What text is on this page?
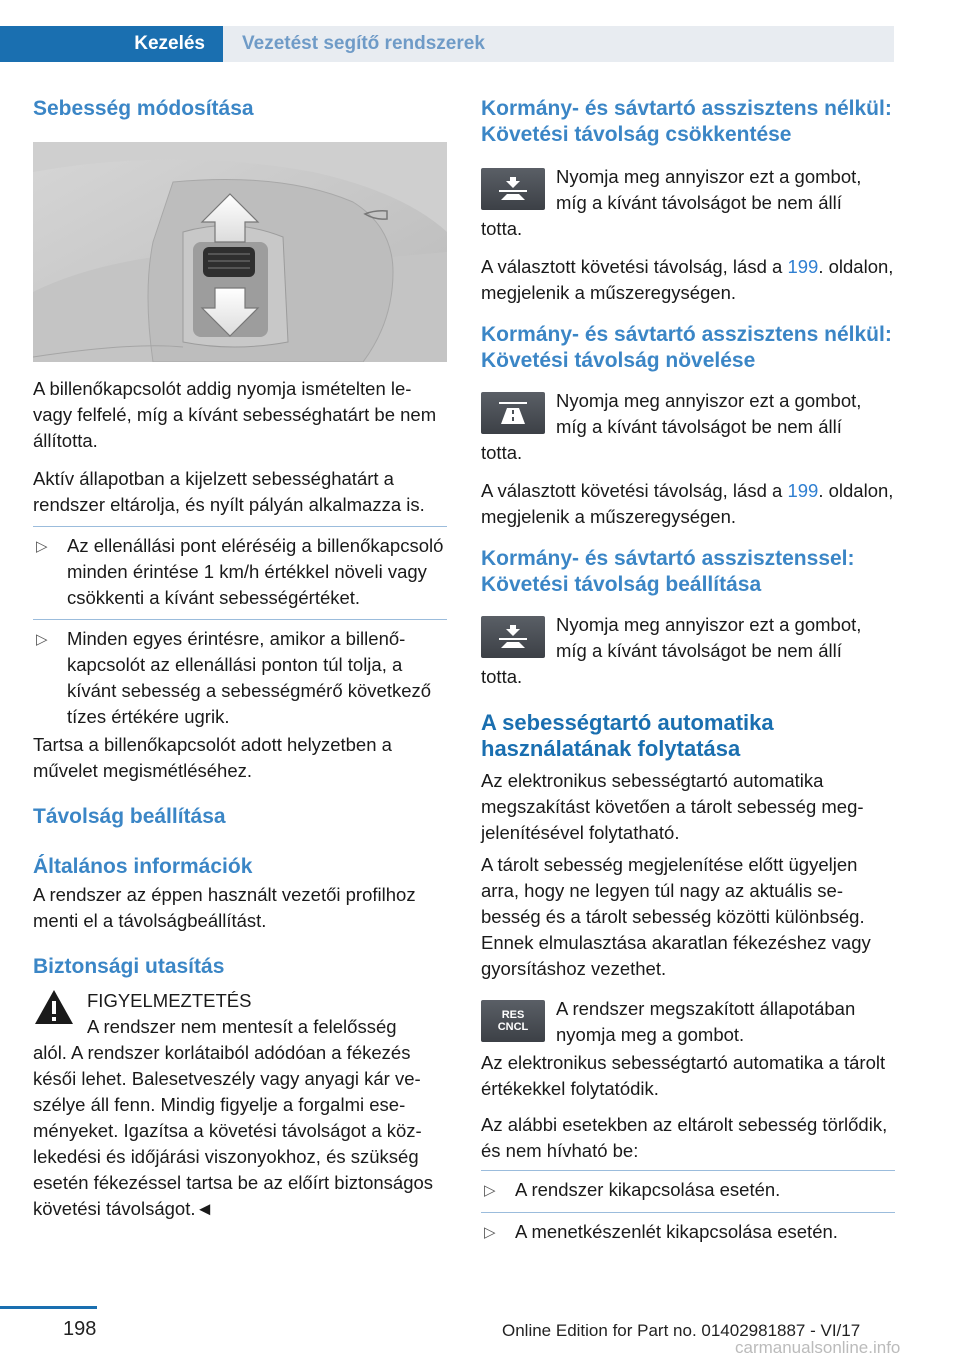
Kezelés	Vezetést segítő rendszerek
Sebesség módosítása
A billenőkapcsolót addig nyomja ismételten le- vagy felfelé, míg a kívánt sebességhatárt be nem állította.
Aktív állapotban a kijelzett sebességhatárt a rendszer eltárolja, és nyílt pályán alkalmazza is.
▷	Az ellenállási pont eléréséig a billenőkapcsoló minden érintése 1 km/h értékkel növeli vagy csökkenti a kívánt sebességértéket.
▷	Minden egyes érintésre, amikor a billenőkapcsolót az ellenállási ponton túl tolja, a kívánt sebesség a sebességmérő következő tízes értékére ugrik.
Tartsa a billenőkapcsolót adott helyzetben a művelet megismétléséhez.
Távolság beállítása
Általános információk
A rendszer az éppen használt vezetői profilhoz menti el a távolságbeállítást.
Biztonsági utasítás
FIGYELMEZTETÉS
A rendszer nem mentesít a felelősség
alól. A rendszer korlátaiból adódóan a fékezés késői lehet. Balesetveszély vagy anyagi kár veszélye áll fenn. Mindig figyelje a forgalmi eseményeket. Igazítsa a követési távolságot a közlekedési és időjárási viszonyokhoz, és szükség esetén fékezéssel tartsa be az előírt biztonságos követési távolságot.◄
Kormány- és sávtartó asszisztens nélkül: Követési távolság csökkentése
Nyomja meg annyiszor ezt a gombot,
míg a kívánt távolságot be nem állí
totta.
A választott követési távolság, lásd a 199. oldalon, megjelenik a műszeregységen.
Kormány- és sávtartó asszisztens nélkül: Követési távolság növelése
Nyomja meg annyiszor ezt a gombot,
míg a kívánt távolságot be nem állí
totta.
A választott követési távolság, lásd a 199. oldalon, megjelenik a műszeregységen.
Kormány- és sávtartó asszisztenssel: Követési távolság beállítása
Nyomja meg annyiszor ezt a gombot,
míg a kívánt távolságot be nem állí
totta.
A sebességtartó automatika használatának folytatása
Az elektronikus sebességtartó automatika megszakítást követően a tárolt sebesség megjelenítésével folytatható.
A tárolt sebesség megjelenítése előtt ügyeljen arra, hogy ne legyen túl nagy az aktuális sebesség és a tárolt sebesség közötti különbség. Ennek elmulasztása akaratlan fékezéshez vagy gyorsításhoz vezethet.
RES
CNCL
A rendszer megszakított állapotában
nyomja meg a gombot.
Az elektronikus sebességtartó automatika a tárolt értékekkel folytatódik.
Az alábbi esetekben az eltárolt sebesség törlődik, és nem hívható be:
▷	A rendszer kikapcsolása esetén.
▷	A menetkészenlét kikapcsolása esetén.
198	Online Edition for Part no. 01402981887 - VI/17
carmanualsonline.info
